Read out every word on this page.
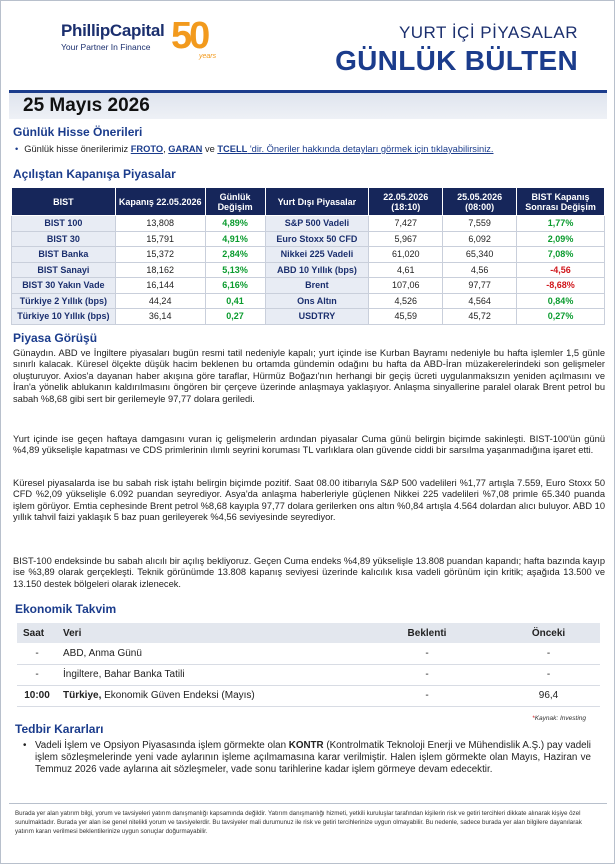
PhillipCapital
Your Partner In Finance 50
years
YURT İÇİ PİYASALAR
GÜNLÜK BÜLTEN
25 Mayıs 2026
Günlük Hisse Önerileri
• Günlük hisse önerilerimiz FROTO, GARAN ve TCELL 'dir. Öneriler hakkında detayları görmek için tıklayabilirsiniz.
Açılıştan Kapanışa Piyasalar
BIST	Kapanış 22.05.2026	Günlük Değişim	Yurt Dışı Piyasalar	22.05.2026 (18:10)	25.05.2026 (08:00)	BIST Kapanış Sonrası Değişim
BIST 100	13,808	4,89%	S&P 500 Vadeli	7,427	7,559	1,77%
BIST 30	15,791	4,91%	Euro Stoxx 50 CFD	5,967	6,092	2,09%
BIST Banka	15,372	2,84%	Nikkei 225 Vadeli	61,020	65,340	7,08%
BIST Sanayi	18,162	5,13%	ABD 10 Yıllık (bps)	4,61	4,56	-4,56
BIST 30 Yakın Vade	16,144	6,16%	Brent	107,06	97,77	-8,68%
Türkiye 2 Yıllık (bps)	44,24	0,41	Ons Altın	4,526	4,564	0,84%
Türkiye 10 Yıllık (bps)	36,14	0,27	USDTRY	45,59	45,72	0,27%
Piyasa Görüşü
Günaydın. ABD ve İngiltere piyasaları bugün resmi tatil nedeniyle kapalı; yurt içinde ise Kurban Bayramı nedeniyle bu hafta işlemler 1,5 günle sınırlı kalacak. Küresel ölçekte düşük hacim beklenen bu ortamda gündemin odağını bu hafta da ABD-İran müzakerelerindeki son gelişmeler oluşturuyor. Axios'a dayanan haber akışına göre taraflar, Hürmüz Boğazı'nın herhangi bir geçiş ücreti uygulanmaksızın yeniden açılmasını ve İran'a yönelik ablukanın kaldırılmasını öngören bir çerçeve üzerinde anlaşmaya yaklaşıyor. Anlaşma sinyallerine paralel olarak Brent petrol bu sabah %8,68 gibi sert bir gerilemeyle 97,77 dolara geriledi.
Yurt içinde ise geçen haftaya damgasını vuran iç gelişmelerin ardından piyasalar Cuma günü belirgin biçimde sakinleşti. BIST-100'ün günü %4,89 yükselişle kapatması ve CDS primlerinin ılımlı seyrini koruması TL varlıklara olan güvende ciddi bir sarsılma yaşanmadığına işaret etti.
Küresel piyasalarda ise bu sabah risk iştahı belirgin biçimde pozitif. Saat 08.00 itibarıyla S&P 500 vadelileri %1,77 artışla 7.559, Euro Stoxx 50 CFD %2,09 yükselişle 6.092 puandan seyrediyor. Asya'da anlaşma haberleriyle güçlenen Nikkei 225 vadelileri %7,08 primle 65.340 puanda işlem görüyor. Emtia cephesinde Brent petrol %8,68 kayıpla 97,77 dolara gerilerken ons altın %0,84 artışla 4.564 dolardan alıcı buluyor. ABD 10 yıllık tahvil faizi yaklaşık 5 baz puan gerileyerek %4,56 seviyesinde seyrediyor.
BIST-100 endeksinde bu sabah alıcılı bir açılış bekliyoruz. Geçen Cuma endeks %4,89 yükselişle 13.808 puandan kapandı; hafta bazında kayıp ise %3,89 olarak gerçekleşti. Teknik görünümde 13.808 kapanış seviyesi üzerinde kalıcılık kısa vadeli görünüm için kritik; aşağıda 13.500 ve 13.150 destek bölgeleri olarak izlenecek.
Ekonomik Takvim
Saat	Veri	Beklenti	Önceki
-	ABD, Anma Günü	-	-
-	İngiltere, Bahar Banka Tatili	-	-
10:00	Türkiye, Ekonomik Güven Endeksi (Mayıs)	-	96,4
*Kaynak: Investing
Tedbir Kararları
• Vadeli İşlem ve Opsiyon Piyasasında işlem görmekte olan KONTR (Kontrolmatik Teknoloji Enerji ve Mühendislik A.Ş.) pay vadeli işlem sözleşmelerinde yeni vade aylarının işleme açılmamasına karar verilmiştir. Halen işlem görmekte olan Mayıs, Haziran ve Temmuz 2026 vade aylarına ait sözleşmeler, vade sonu tarihlerine kadar işlem görmeye devam edecektir.
Burada yer alan yatırım bilgi, yorum ve tavsiyeleri yatırım danışmanlığı kapsamında değildir. Yatırım danışmanlığı hizmeti, yetkili kuruluşlar tarafından kişilerin risk ve getiri tercihleri dikkate alınarak kişiye özel sunulmaktadır. Burada yer alan ise genel nitelikli yorum ve tavsiyelerdir. Bu tavsiyeler mali durumunuz ile risk ve getiri tercihlerinize uygun olmayabilir. Bu nedenle, sadece burada yer alan bilgilere dayanılarak yatırım kararı verilmesi beklentilerinize uygun sonuçlar doğurmayabilir.
